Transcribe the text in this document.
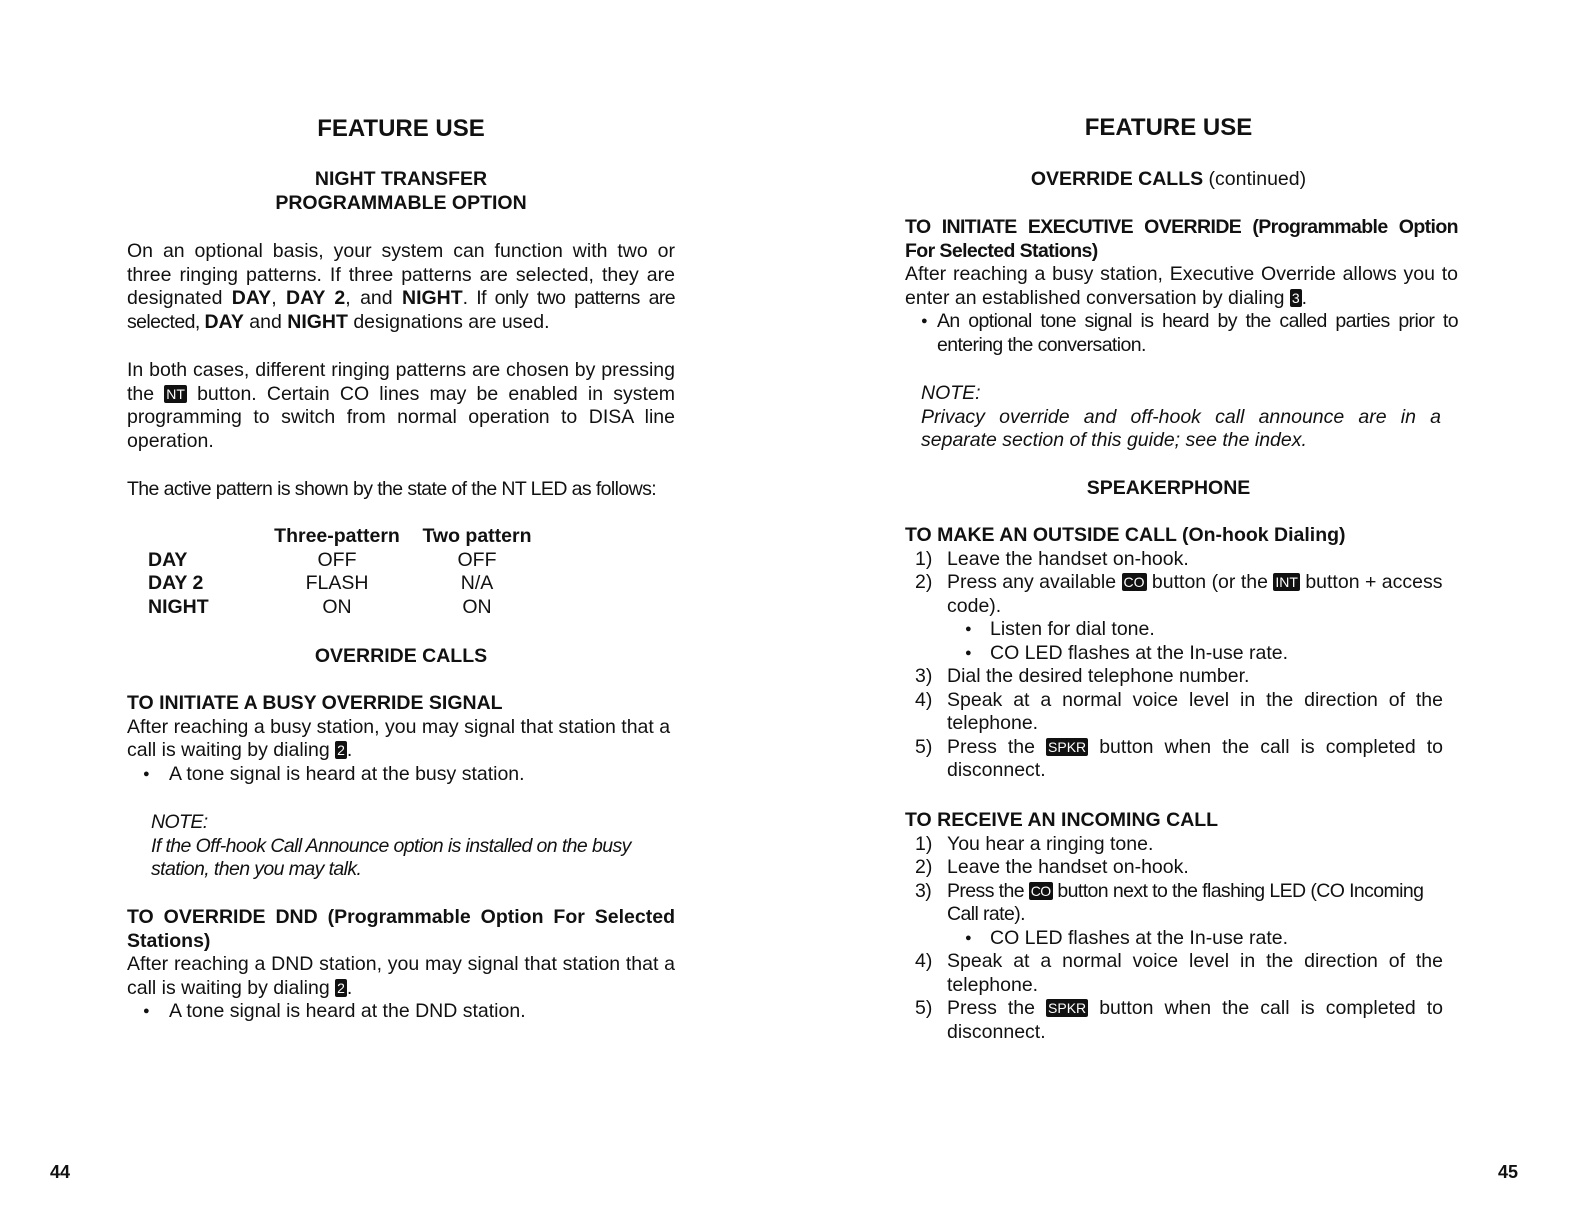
FEATURE USE
NIGHT TRANSFER
PROGRAMMABLE OPTION

On an optional basis, your system can function with two or three ringing patterns. If three patterns are selected, they are designated DAY, DAY 2, and NIGHT. If only two patterns are selected, DAY and NIGHT designations are used.

In both cases, different ringing patterns are chosen by pressing the NT button. Certain CO lines may be enabled in system programming to switch from normal operation to DISA line operation.

The active pattern is shown by the state of the NT LED as follows:

	Three-pattern	Two pattern
DAY	OFF	OFF
DAY 2	FLASH	N/A
NIGHT	ON	ON
OVERRIDE CALLS
TO INITIATE A BUSY OVERRIDE SIGNAL
After reaching a busy station, you may signal that station that a call is waiting by dialing 2 .
● A tone signal is heard at the busy station.
NOTE:
If the Off-hook Call Announce option is installed on the busy station, then you may talk.
TO OVERRIDE DND (Programmable Option For Selected Stations)
After reaching a DND station, you may signal that station that a call is waiting by dialing 2 .
● A tone signal is heard at the DND station.
44
FEATURE USE
OVERRIDE CALLS (continued)
TO INITIATE EXECUTIVE OVERRIDE (Programmable Option For Selected Stations)
After reaching a busy station, Executive Override allows you to enter an established conversation by dialing 3 .
● An optional tone signal is heard by the called parties prior to entering the conversation.
NOTE:
Privacy override and off-hook call announce are in a separate section of this guide; see the index.
SPEAKERPHONE
TO MAKE AN OUTSIDE CALL (On-hook Dialing)
1) Leave the handset on-hook.
2) Press any available CO button (or the INT button + access code).
● Listen for dial tone.
● CO LED flashes at the In-use rate.
3) Dial the desired telephone number.
4) Speak at a normal voice level in the direction of the telephone.
5) Press the SPKR button when the call is completed to disconnect.
TO RECEIVE AN INCOMING CALL
1) You hear a ringing tone.
2) Leave the handset on-hook.
3) Press the CO button next to the flashing LED (CO Incoming Call rate).
● CO LED flashes at the In-use rate.
4) Speak at a normal voice level in the direction of the telephone.
5) Press the SPKR button when the call is completed to disconnect.
45
